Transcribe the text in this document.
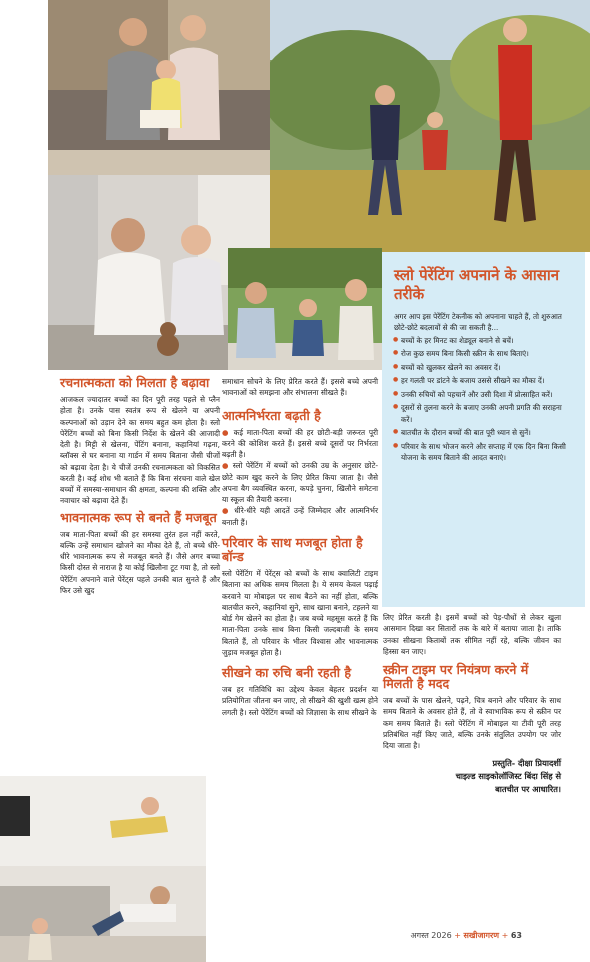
स्लो पेरेंटिंग अपनाने के आसान तरीके
अगर आप इस पेरेंटिंग टेकनीक को अपनाना चाहते हैं, तो शुरुआत छोटे-छोटे बदलावों से की जा सकती है...
● बच्चों के हर मिनट का शेड्यूल बनाने से बचें।
● रोज कुछ समय बिना किसी स्क्रीन के साथ बिताएं।
● बच्चों को खुलकर खेलने का अवसर दें।
● हर गलती पर डांटने के बजाय उससे सीखने का मौका दें।
● उनकी रुचियों को पहचानें और उसी दिशा में प्रोत्साहित करें।
● दूसरों से तुलना करने के बजाए उनकी अपनी प्रगति की सराहना करें।
● बातचीत के दौरान बच्चों की बात पूरी ध्यान से सुनें।
● परिवार के साथ भोजन करने और सप्ताह में एक दिन बिना किसी योजना के समय बिताने की आदत बनाएं।
रचनात्मकता को मिलता है बढ़ावा
आजकल ज्यादातर बच्चों का दिन पूरी तरह पहले से प्लैन होता है। उनके पास स्वतंत्र रूप से खेलने या अपनी कल्पनाओं को उड़ान देने का समय बहुत कम होता है। स्लो पेरेंटिंग बच्चों को बिना किसी निर्देश के खेलने की आजादी देती है। मिट्टी से खेलना, पेंटिंग बनाना, कहानियां गढ़ना, ब्लॉक्स से घर बनाना या गार्डन में समय बिताना जैसी चीजों को बढ़ावा देता है। ये चीजें उनकी रचनात्मकता को विकसित करती है। कई शोध भी बताते हैं कि बिना संरचना वाले खेल बच्चों में समस्या-समाधान की क्षमता, कल्पना की शक्ति और नवाचार को बढ़ावा देते हैं।
भावनात्मक रूप से बनते हैं मजबूत
जब माता-पिता बच्चों की हर समस्या तुरंत हल नहीं करते, बल्कि उन्हें समाधान खोजने का मौका देते हैं, तो बच्चे धीरे-धीरे भावनात्मक रूप से मजबूत बनते हैं। जैसे अगर बच्चा किसी दोस्त से नाराज है या कोई खिलौना टूट गया है, तो स्लो पेरेंटिंग अपनाने वाले पेरेंट्स पहले उनकी बात सुनते हैं और फिर उसे खुद
समाधान सोचने के लिए प्रेरित करते हैं। इससे बच्चे अपनी भावनाओं को समझना और संभालना सीखते हैं।
आत्मनिर्भरता बढ़ती है
● कई माता-पिता बच्चों की हर छोटी-बड़ी जरूरत पूरी करने की कोशिश करते हैं। इससे बच्चे दूसरों पर निर्भरता बढ़ती है।
● स्लो पेरेंटिंग में बच्चों को उनकी उम्र के अनुसार छोटे-छोटे काम खुद करने के लिए प्रेरित किया जाता है। जैसे अपना बैग व्यवस्थित करना, कपड़े चुनना, खिलौने समेटना या स्कूल की तैयारी करना।
● धीरे-धीरे यही आदतें उन्हें जिम्मेदार और आत्मनिर्भर बनाती हैं।
परिवार के साथ मजबूत होता है बॉन्ड
स्लो पेरेंटिंग में पेरेंट्स को बच्चों के साथ क्वालिटी टाइम बिताना का अधिक समय मिलता है। ये समय केवल पढ़ाई करवाने या मोबाइल पर साथ बैठने का नहीं होता, बल्कि बातचीत करने, कहानियां सुने, साथ खाना बनाने, टहलने या बोर्ड गेम खेलने का होता है। जब बच्चे महसूस करते हैं कि माता-पिता उनके साथ बिना किसी जल्दबाजी के समय बिताते हैं, तो परिवार के भीतर विश्वास और भावनात्मक जुड़ाव मजबूत होता है।
सीखने का रुचि बनी रहती है
जब हर गतिविधि का उद्देश्य केवल बेहतर प्रदर्शन या प्रतियोगिता जीतना बन जाए, तो सीखने की खुशी खत्म होने लगती है। स्लो पेरेंटिंग बच्चों को जिज्ञासा के साथ सीखने के
लिए प्रेरित करती है। इसमें बच्चों को पेड़-पौधों से लेकर खुला आसमान दिखा कर सितारों तक के बारे में बताया जाता है। ताकि उनका सीखना किताबों तक सीमित नहीं रहे, बल्कि जीवन का हिस्सा बन जाए।
स्क्रीन टाइम पर नियंत्रण करने में मिलती है मदद
जब बच्चों के पास खेलने, पढ़ने, चित्र बनाने और परिवार के साथ समय बिताने के अवसर होते हैं, तो वे स्वाभाविक रूप से स्क्रीन पर कम समय बिताते हैं। स्लो पेरेंटिंग में मोबाइल या टीवी पूरी तरह प्रतिबंधित नहीं किए जाते, बल्कि उनके संतुलित उपयोग पर जोर दिया जाता है।
प्रस्तुति- दीक्षा प्रियादर्शी
चाइल्ड साइकोलॉजिस्ट बिंदा सिंह से
बातचीत पर आधारित।
अगस्त 2026 + सखीजागरण + 63
